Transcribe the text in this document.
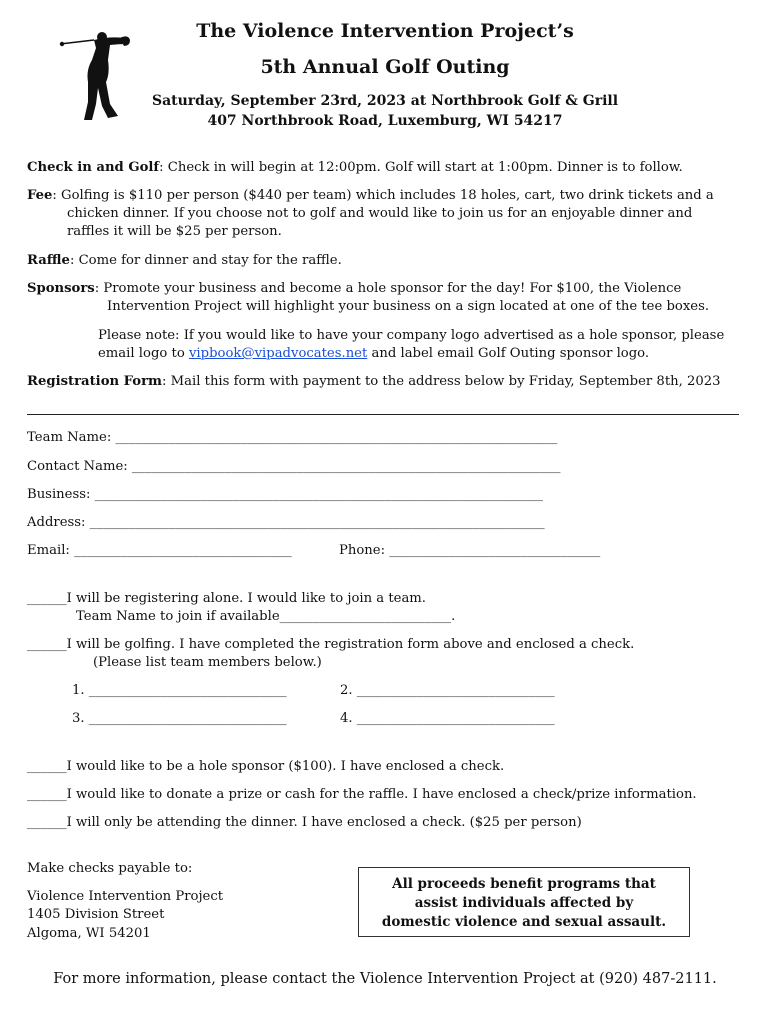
The Violence Intervention Project’s
5th Annual Golf Outing
Saturday, September 23rd, 2023 at Northbrook Golf & Grill
407 Northbrook Road, Luxemburg, WI 54217
Check in and Golf: Check in will begin at 12:00pm. Golf will start at 1:00pm. Dinner is to follow.
Fee: Golfing is $110 per person ($440 per team) which includes 18 holes, cart, two drink tickets and a
chicken dinner. If you choose not to golf and would like to join us for an enjoyable dinner and
raffles it will be $25 per person.
Raffle: Come for dinner and stay for the raffle.
Sponsors: Promote your business and become a hole sponsor for the day! For $100, the Violence
Intervention Project will highlight your business on a sign located at one of the tee boxes.
Please note: If you would like to have your company logo advertised as a hole sponsor, please
email logo to vipbook@vipadvocates.net and label email Golf Outing sponsor logo.
Registration Form: Mail this form with payment to the address below by Friday, September 8th, 2023
Team Name: ___________________________________________________________________
Contact Name: _________________________________________________________________
Business: ____________________________________________________________________
Address: _____________________________________________________________________
Email: _________________________________	Phone: ________________________________
______I will be registering alone. I would like to join a team.
Team Name to join if available__________________________.
______I will be golfing. I have completed the registration form above and enclosed a check.
(Please list team members below.)
1. ______________________________	2. ______________________________
3. ______________________________	4. ______________________________
______I would like to be a hole sponsor ($100). I have enclosed a check.
______I would like to donate a prize or cash for the raffle. I have enclosed a check/prize information.
______I will only be attending the dinner. I have enclosed a check. ($25 per person)
Make checks payable to:
Violence Intervention Project
1405 Division Street
Algoma, WI 54201
All proceeds benefit programs that
assist individuals affected by
domestic violence and sexual assault.
For more information, please contact the Violence Intervention Project at (920) 487-2111.
